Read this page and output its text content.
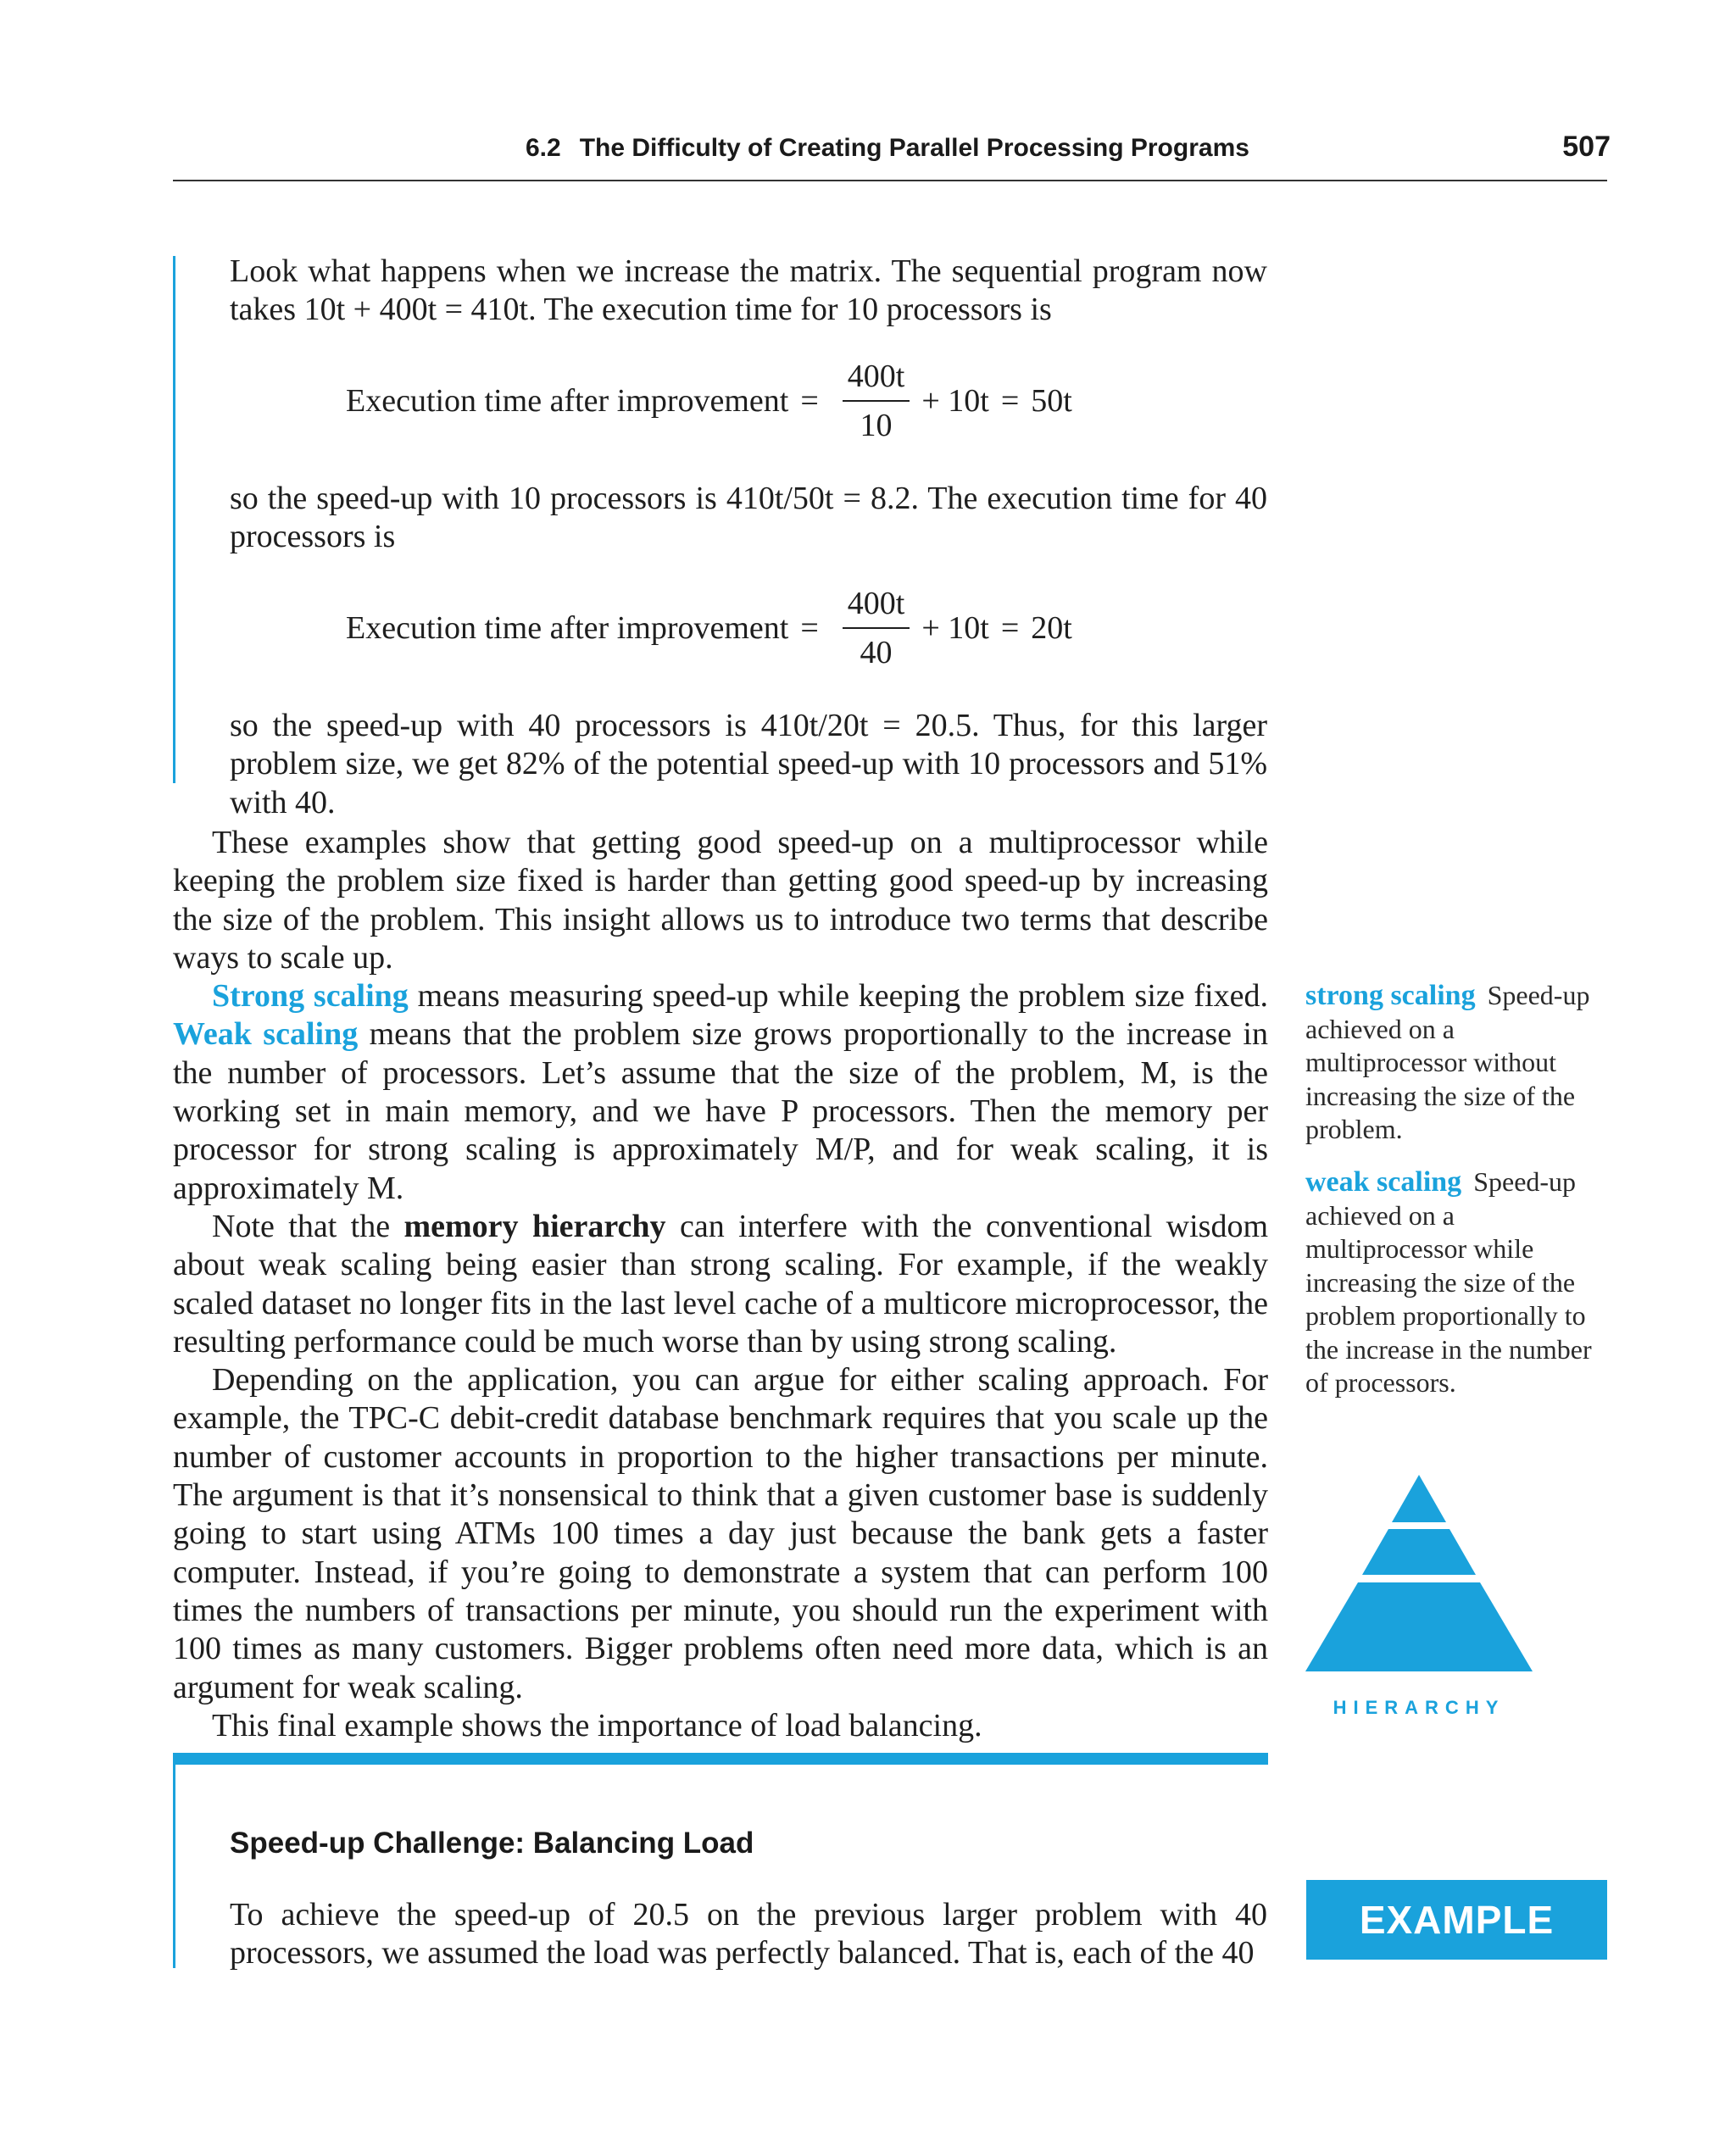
6.2 The Difficulty of Creating Parallel Processing Programs	507

Look what happens when we increase the matrix. The sequential program now takes 10t + 400t = 410t. The execution time for 10 processors is

Execution time after improvement = $\frac{400t}{10} + 10t = 50t$

so the speed-up with 10 processors is 410t/50t = 8.2. The execution time for 40 processors is

Execution time after improvement = $\frac{400t}{40} + 10t = 20t$

so the speed-up with 40 processors is 410t/20t = 20.5. Thus, for this larger problem size, we get 82% of the potential speed-up with 10 processors and 51% with 40.

These examples show that getting good speed-up on a multiprocessor while keeping the problem size fixed is harder than getting good speed-up by increasing the size of the problem. This insight allows us to introduce two terms that describe ways to scale up.

Strong scaling means measuring speed-up while keeping the problem size fixed. Weak scaling means that the problem size grows proportionally to the increase in the number of processors. Let’s assume that the size of the problem, M, is the working set in main memory, and we have P processors. Then the memory per processor for strong scaling is approximately M/P, and for weak scaling, it is approximately M.

Note that the memory hierarchy can interfere with the conventional wisdom about weak scaling being easier than strong scaling. For example, if the weakly scaled dataset no longer fits in the last level cache of a multicore microprocessor, the resulting performance could be much worse than by using strong scaling.

Depending on the application, you can argue for either scaling approach. For example, the TPC-C debit-credit database benchmark requires that you scale up the number of customer accounts in proportion to the higher transactions per minute. The argument is that it’s nonsensical to think that a given customer base is suddenly going to start using ATMs 100 times a day just because the bank gets a faster computer. Instead, if you’re going to demonstrate a system that can perform 100 times the numbers of transactions per minute, you should run the experiment with 100 times as many customers. Bigger problems often need more data, which is an argument for weak scaling.

This final example shows the importance of load balancing.

strong scaling Speed-up achieved on a multiprocessor without increasing the size of the problem.
weak scaling Speed-up achieved on a multiprocessor while increasing the size of the problem proportionally to the increase in the number of processors.
HIERARCHY
Speed-up Challenge: Balancing Load
EXAMPLE

To achieve the speed-up of 20.5 on the previous larger problem with 40 processors, we assumed the load was perfectly balanced. That is, each of the 40
